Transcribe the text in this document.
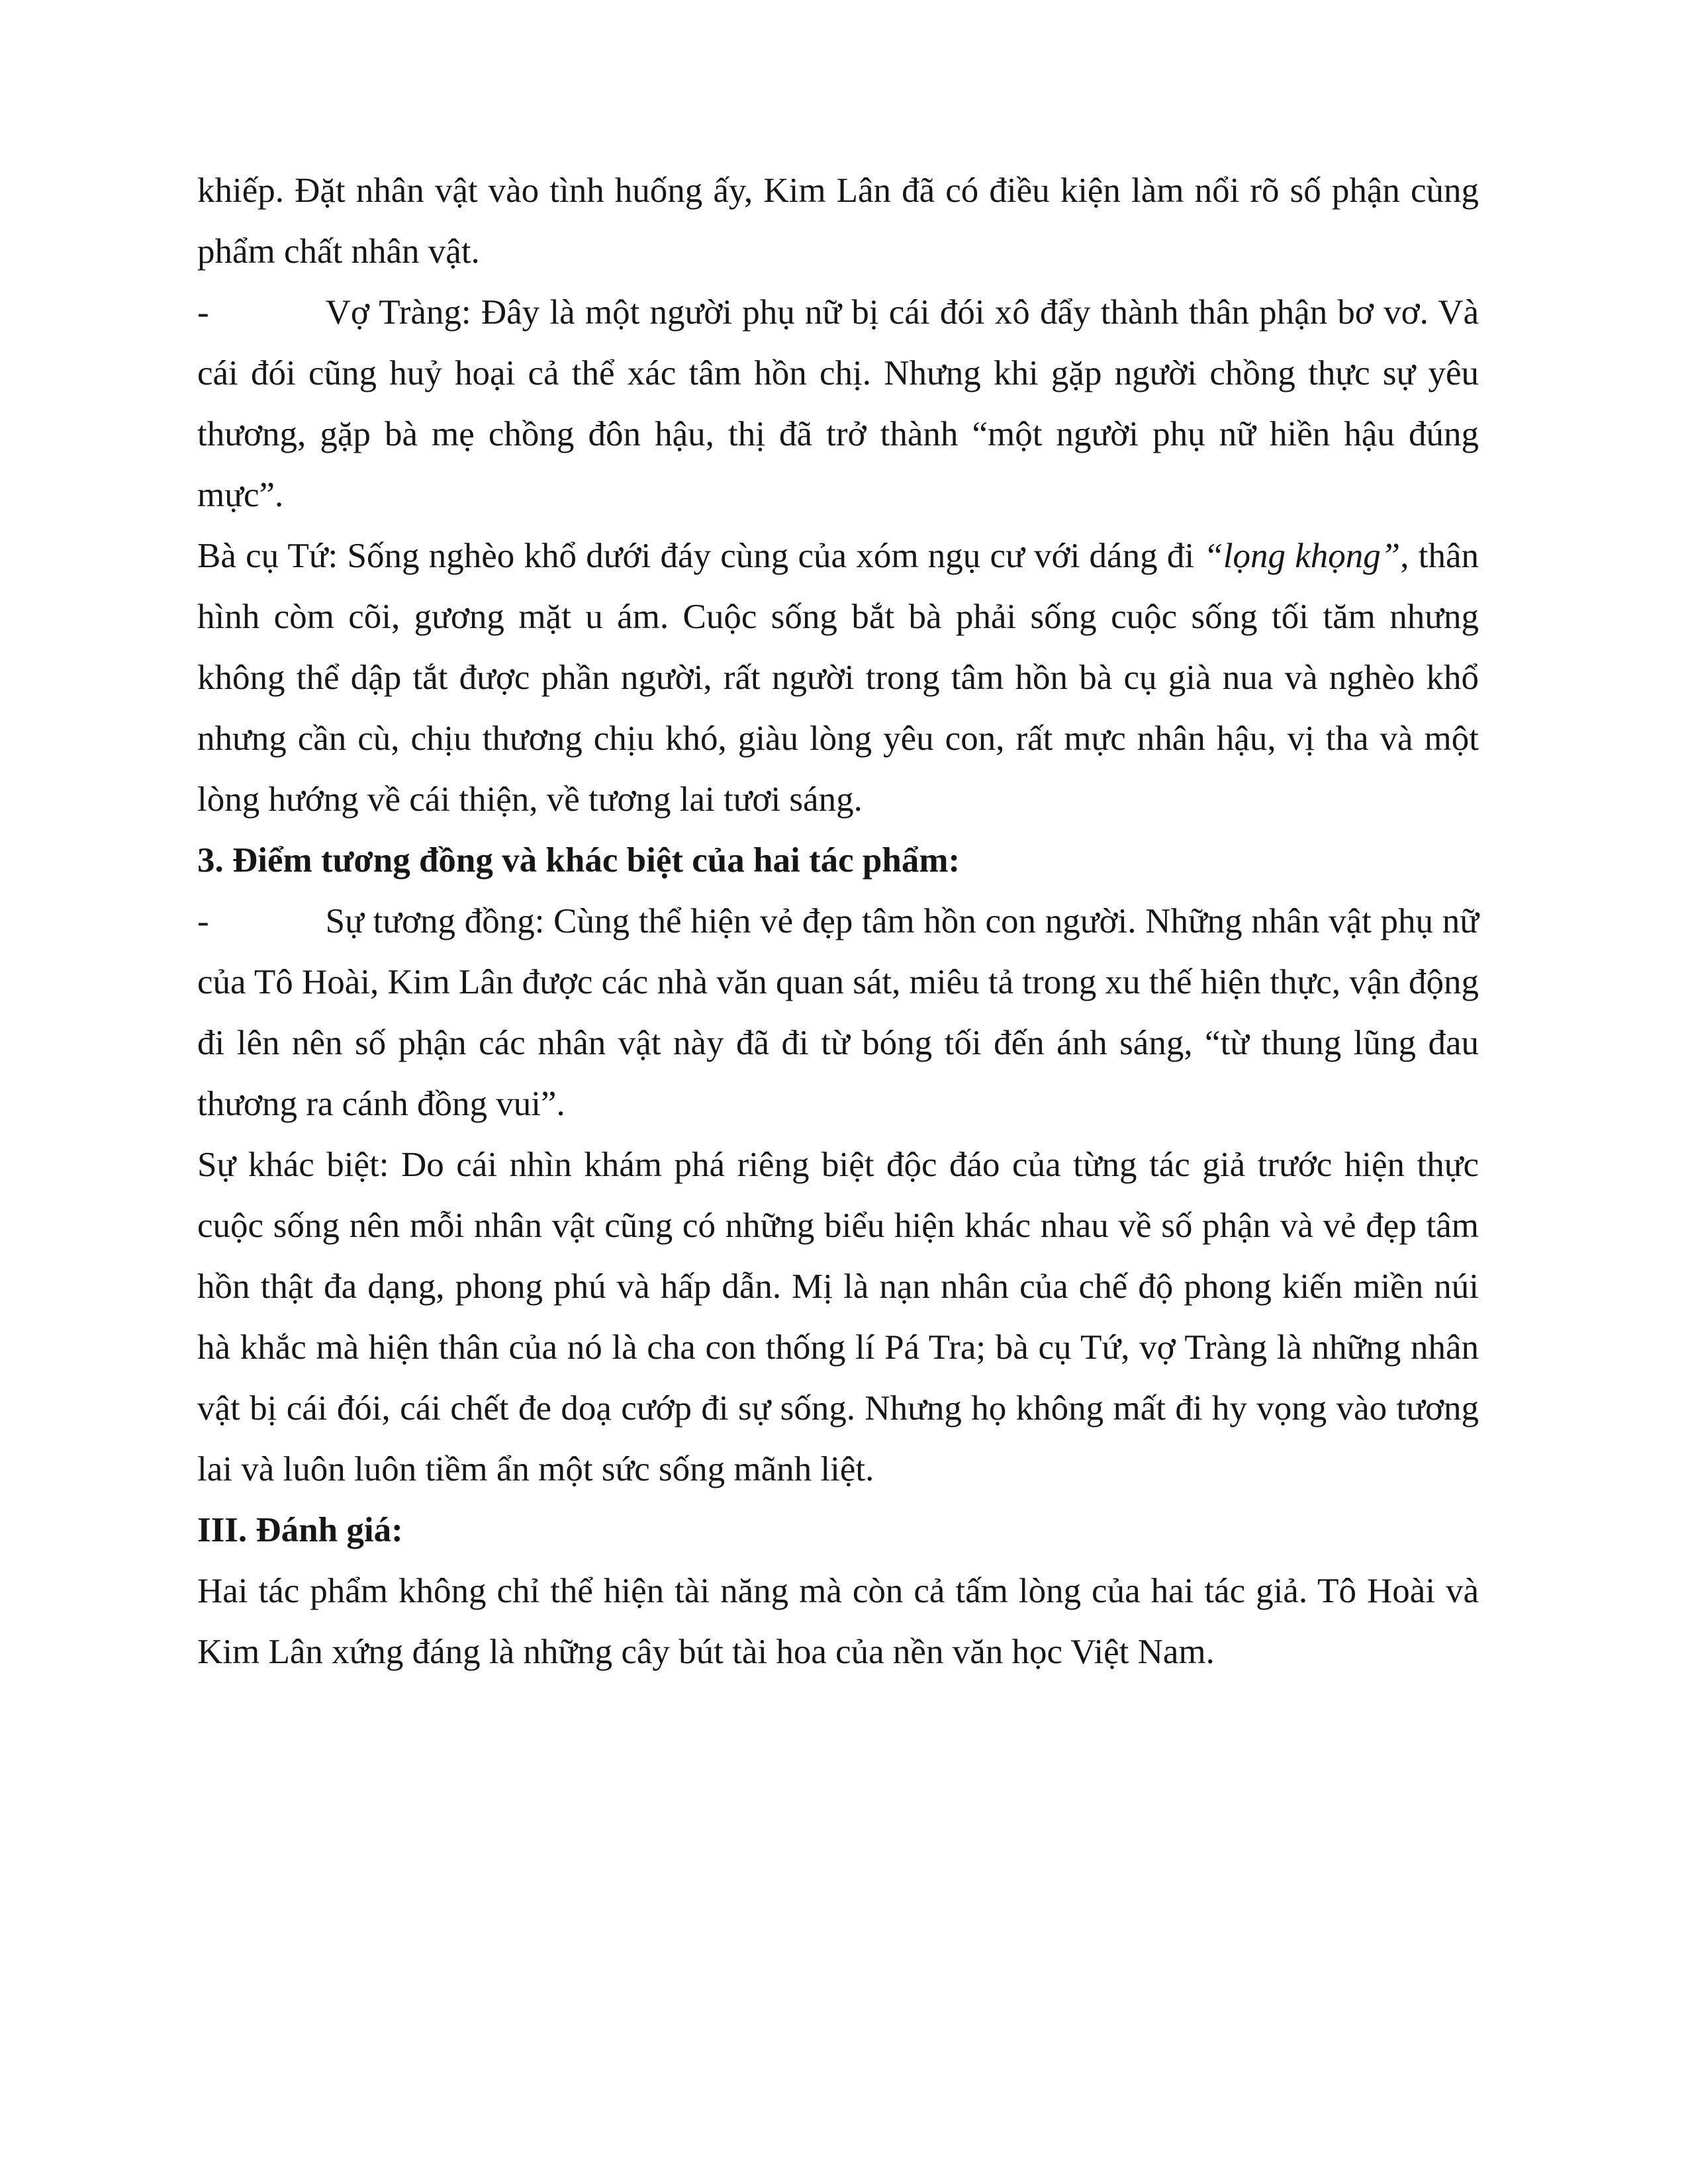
khiếp. Đặt nhân vật vào tình huống ấy, Kim Lân đã có điều kiện làm nổi rõ số phận cùng phẩm chất nhân vật.

-	Vợ Tràng: Đây là một người phụ nữ bị cái đói xô đẩy thành thân phận bơ vơ. Và cái đói cũng huỷ hoại cả thể xác tâm hồn chị. Nhưng khi gặp người chồng thực sự yêu thương, gặp bà mẹ chồng đôn hậu, thị đã trở thành “một người phụ nữ hiền hậu đúng mực”.

Bà cụ Tứ: Sống nghèo khổ dưới đáy cùng của xóm ngụ cư với dáng đi “lọng khọng”, thân hình còm cõi, gương mặt u ám. Cuộc sống bắt bà phải sống cuộc sống tối tăm nhưng không thể dập tắt được phần người, rất người trong tâm hồn bà cụ già nua và nghèo khổ nhưng cần cù, chịu thương chịu khó, giàu lòng yêu con, rất mực nhân hậu, vị tha và một lòng hướng về cái thiện, về tương lai tươi sáng.

3. Điểm tương đồng và khác biệt của hai tác phẩm:

-	Sự tương đồng: Cùng thể hiện vẻ đẹp tâm hồn con người. Những nhân vật phụ nữ của Tô Hoài, Kim Lân được các nhà văn quan sát, miêu tả trong xu thế hiện thực, vận động đi lên nên số phận các nhân vật này đã đi từ bóng tối đến ánh sáng, “từ thung lũng đau thương ra cánh đồng vui”.

Sự khác biệt: Do cái nhìn khám phá riêng biệt độc đáo của từng tác giả trước hiện thực cuộc sống nên mỗi nhân vật cũng có những biểu hiện khác nhau về số phận và vẻ đẹp tâm hồn thật đa dạng, phong phú và hấp dẫn. Mị là nạn nhân của chế độ phong kiến miền núi hà khắc mà hiện thân của nó là cha con thống lí Pá Tra; bà cụ Tứ, vợ Tràng là những nhân vật bị cái đói, cái chết đe doạ cướp đi sự sống. Nhưng họ không mất đi hy vọng vào tương lai và luôn luôn tiềm ẩn một sức sống mãnh liệt.

III. Đánh giá:

Hai tác phẩm không chỉ thể hiện tài năng mà còn cả tấm lòng của hai tác giả. Tô Hoài và Kim Lân xứng đáng là những cây bút tài hoa của nền văn học Việt Nam.
